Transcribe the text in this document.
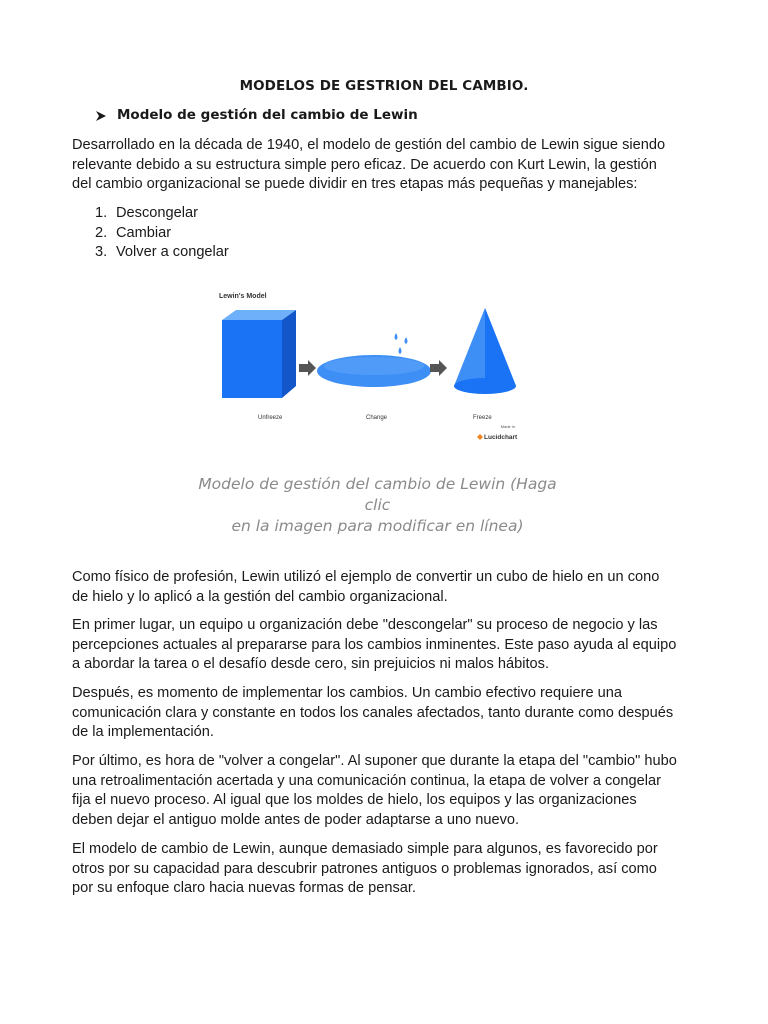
MODELOS DE GESTRION DEL CAMBIO.
Modelo de gestión del cambio de Lewin

Desarrollado en la década de 1940, el modelo de gestión del cambio de Lewin sigue siendo
relevante debido a su estructura simple pero eficaz. De acuerdo con Kurt Lewin, la gestión
del cambio organizacional se puede dividir en tres etapas más pequeñas y manejables:

1. Descongelar
2. Cambiar
3. Volver a congelar
Lewin's Model
Unfreeze	Change	Freeze
Made in
Lucidchart
Modelo de gestión del cambio de Lewin (Haga clic
en la imagen para modificar en línea)

Como físico de profesión, Lewin utilizó el ejemplo de convertir un cubo de hielo en un cono
de hielo y lo aplicó a la gestión del cambio organizacional.

En primer lugar, un equipo u organización debe "descongelar" su proceso de negocio y las
percepciones actuales al prepararse para los cambios inminentes. Este paso ayuda al equipo
a abordar la tarea o el desafío desde cero, sin prejuicios ni malos hábitos.

Después, es momento de implementar los cambios. Un cambio efectivo requiere una
comunicación clara y constante en todos los canales afectados, tanto durante como después
de la implementación.

Por último, es hora de "volver a congelar". Al suponer que durante la etapa del "cambio" hubo
una retroalimentación acertada y una comunicación continua, la etapa de volver a congelar
fija el nuevo proceso. Al igual que los moldes de hielo, los equipos y las organizaciones
deben dejar el antiguo molde antes de poder adaptarse a uno nuevo.

El modelo de cambio de Lewin, aunque demasiado simple para algunos, es favorecido por
otros por su capacidad para descubrir patrones antiguos o problemas ignorados, así como
por su enfoque claro hacia nuevas formas de pensar.
